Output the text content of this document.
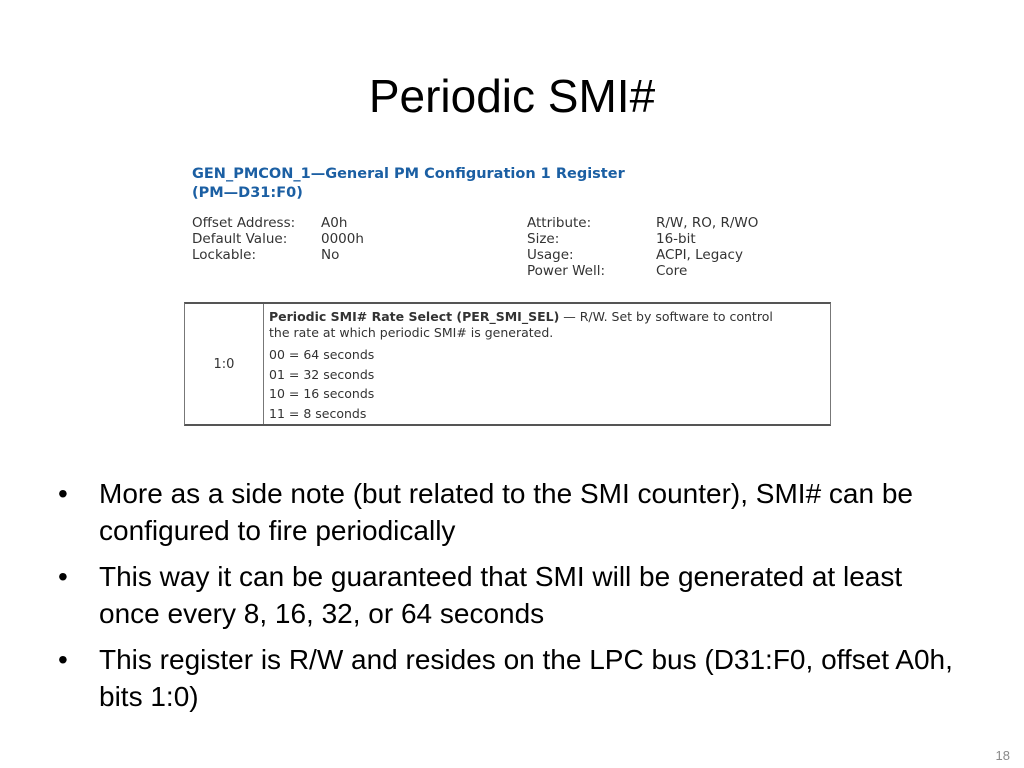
Periodic SMI#
GEN_PMCON_1—General PM Configuration 1 Register
(PM—D31:F0)
Offset Address: A0h
Default Value:	0000h
Lockable:	No
Attribute:	R/W, RO, R/WO
Size:	16-bit
Usage:	ACPI, Legacy
Power Well:	Core
1:0
Periodic SMI# Rate Select (PER_SMI_SEL) — R/W. Set by software to control
the rate at which periodic SMI# is generated.
00 = 64 seconds
01 = 32 seconds
10 = 16 seconds
11 = 8 seconds
• More as a side note (but related to the SMI counter), SMI# can be configured to fire periodically
• This way it can be guaranteed that SMI will be generated at least once every 8, 16, 32, or 64 seconds
• This register is R/W and resides on the LPC bus (D31:F0, offset A0h, bits 1:0)
18
